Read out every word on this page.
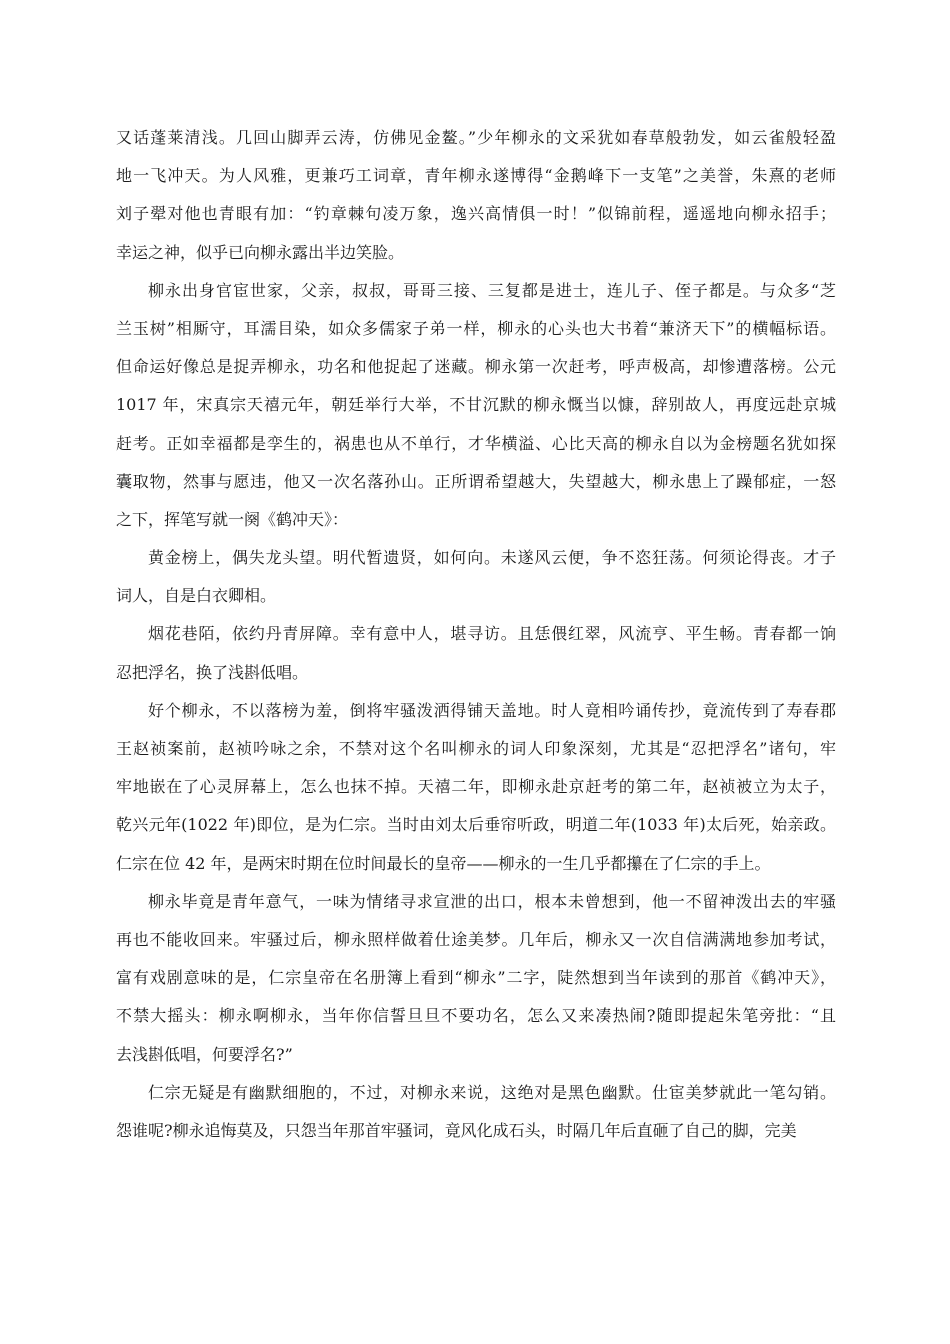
又话蓬莱清浅。几回山脚弄云涛，仿佛见金鳌。”少年柳永的文采犹如春草般勃发，如云雀般轻盈
地一飞冲天。为人风雅，更兼巧工词章，青年柳永遂博得“金鹅峰下一支笔”之美誉，朱熹的老师
刘子翚对他也青眼有加：“钓章棘句凌万象，逸兴高情俱一时！”似锦前程，遥遥地向柳永招手；
幸运之神，似乎已向柳永露出半边笑脸。
柳永出身官宦世家，父亲，叔叔，哥哥三接、三复都是进士，连儿子、侄子都是。与众多“芝
兰玉树”相厮守，耳濡目染，如众多儒家子弟一样，柳永的心头也大书着“兼济天下”的横幅标语。
但命运好像总是捉弄柳永，功名和他捉起了迷藏。柳永第一次赶考，呼声极高，却惨遭落榜。公元
1017 年，宋真宗天禧元年，朝廷举行大举，不甘沉默的柳永慨当以慷，辞别故人，再度远赴京城
赶考。正如幸福都是孪生的，祸患也从不单行，才华横溢、心比天高的柳永自以为金榜题名犹如探
囊取物，然事与愿违，他又一次名落孙山。正所谓希望越大，失望越大，柳永患上了躁郁症，一怒
之下，挥笔写就一阕《鹤冲天》：
黄金榜上，偶失龙头望。明代暂遗贤，如何向。未遂风云便，争不恣狂荡。何须论得丧。才子
词人，自是白衣卿相。
烟花巷陌，依约丹青屏障。幸有意中人，堪寻访。且恁偎红翠，风流亨、平生畅。青春都一饷
忍把浮名，换了浅斟低唱。
好个柳永，不以落榜为羞，倒将牢骚泼洒得铺天盖地。时人竟相吟诵传抄，竟流传到了寿春郡
王赵祯案前，赵祯吟咏之余，不禁对这个名叫柳永的词人印象深刻，尤其是“忍把浮名”诸句，牢
牢地嵌在了心灵屏幕上，怎么也抹不掉。天禧二年，即柳永赴京赶考的第二年，赵祯被立为太子，
乾兴元年(1022 年)即位，是为仁宗。当时由刘太后垂帘听政，明道二年(1033 年)太后死，始亲政。
仁宗在位 42 年，是两宋时期在位时间最长的皇帝——柳永的一生几乎都攥在了仁宗的手上。
柳永毕竟是青年意气，一味为情绪寻求宣泄的出口，根本未曾想到，他一不留神泼出去的牢骚
再也不能收回来。牢骚过后，柳永照样做着仕途美梦。几年后，柳永又一次自信满满地参加考试，
富有戏剧意味的是，仁宗皇帝在名册簿上看到“柳永”二字，陡然想到当年读到的那首《鹤冲天》，
不禁大摇头：柳永啊柳永，当年你信誓旦旦不要功名，怎么又来凑热闹?随即提起朱笔旁批：“且
去浅斟低唱，何要浮名?”
仁宗无疑是有幽默细胞的，不过，对柳永来说，这绝对是黑色幽默。仕宦美梦就此一笔勾销。
怨谁呢?柳永追悔莫及，只怨当年那首牢骚词，竟风化成石头，时隔几年后直砸了自己的脚，完美
